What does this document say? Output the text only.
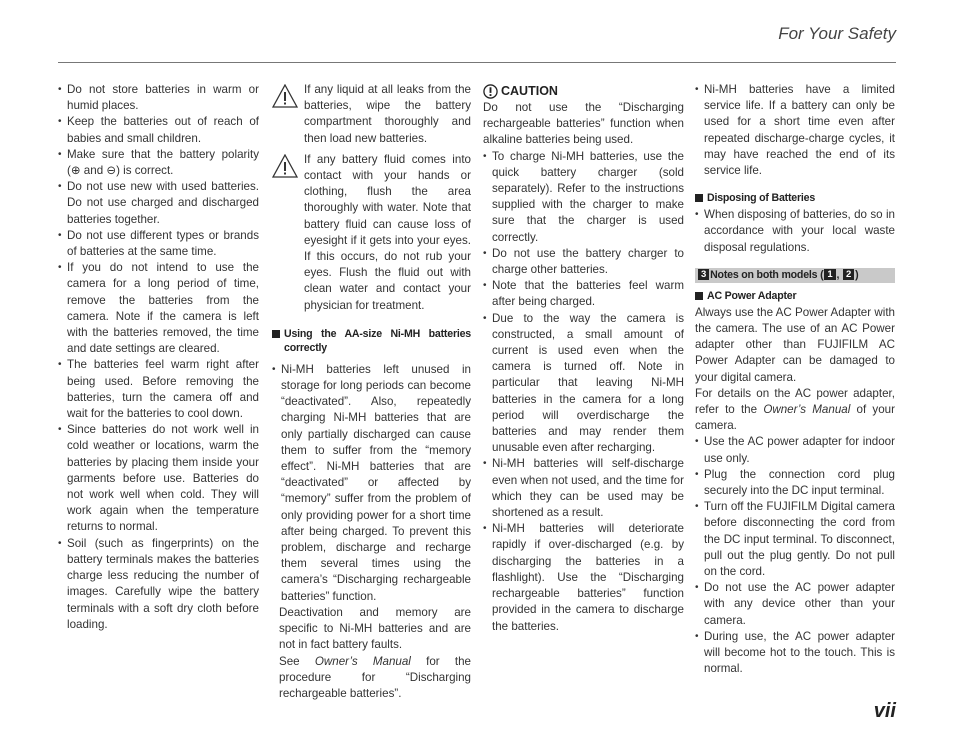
For Your Safety
• Do not store batteries in warm or humid places.
• Keep the batteries out of reach of babies and small children.
• Make sure that the battery polarity (⊕ and ⊖) is correct.
• Do not use new with used batteries. Do not use charged and discharged batteries together.
• Do not use different types or brands of batteries at the same time.
• If you do not intend to use the camera for a long period of time, remove the batteries from the camera. Note if the camera is left with the batteries removed, the time and date settings are cleared.
• The batteries feel warm right after being used. Before removing the batteries, turn the camera off and wait for the batteries to cool down.
• Since batteries do not work well in cold weather or locations, warm the batteries by placing them inside your garments before use. Batteries do not work well when cold. They will work again when the temperature returns to normal.
• Soil (such as fingerprints) on the battery terminals makes the batteries charge less reducing the number of images. Carefully wipe the battery terminals with a soft dry cloth before loading.
If any liquid at all leaks from the batteries, wipe the battery compartment thoroughly and then load new batteries.
If any battery fluid comes into contact with your hands or clothing, flush the area thoroughly with water. Note that battery fluid can cause loss of eyesight if it gets into your eyes. If this occurs, do not rub your eyes. Flush the fluid out with clean water and contact your physician for treatment.
Using the AA-size Ni-MH batteries correctly
• Ni-MH batteries left unused in storage for long periods can become “deactivated”. Also, repeatedly charging Ni-MH batteries that are only partially discharged can cause them to suffer from the “memory effect”. Ni-MH batteries that are “deactivated” or affected by “memory” suffer from the problem of only providing power for a short time after being charged. To prevent this problem, discharge and recharge them several times using the camera’s “Discharging rechargeable batteries” function.
Deactivation and memory are specific to Ni-MH batteries and are not in fact battery faults.
See Owner’s Manual for the procedure for “Discharging rechargeable batteries”.
CAUTION
Do not use the “Discharging rechargeable batteries” function when alkaline batteries being used.
• To charge Ni-MH batteries, use the quick battery charger (sold separately). Refer to the instructions supplied with the charger to make sure that the charger is used correctly.
• Do not use the battery charger to charge other batteries.
• Note that the batteries feel warm after being charged.
• Due to the way the camera is constructed, a small amount of current is used even when the camera is turned off. Note in particular that leaving Ni-MH batteries in the camera for a long period will overdischarge the batteries and may render them unusable even after recharging.
• Ni-MH batteries will self-discharge even when not used, and the time for which they can be used may be shortened as a result.
• Ni-MH batteries will deteriorate rapidly if over-discharged (e.g. by discharging the batteries in a flashlight). Use the “Discharging rechargeable batteries” function provided in the camera to discharge the batteries.
• Ni-MH batteries have a limited service life. If a battery can only be used for a short time even after repeated discharge-charge cycles, it may have reached the end of its service life.
Disposing of Batteries
• When disposing of batteries, do so in accordance with your local waste disposal regulations.
3 Notes on both models ( 1 , 2 )
AC Power Adapter
Always use the AC Power Adapter with the camera. The use of an AC Power adapter other than FUJIFILM AC Power Adapter can be damaged to your digital camera.
For details on the AC power adapter, refer to the Owner’s Manual of your camera.
• Use the AC power adapter for indoor use only.
• Plug the connection cord plug securely into the DC input terminal.
• Turn off the FUJIFILM Digital camera before disconnecting the cord from the DC input terminal. To disconnect, pull out the plug gently. Do not pull on the cord.
• Do not use the AC power adapter with any device other than your camera.
• During use, the AC power adapter will become hot to the touch. This is normal.
vii
